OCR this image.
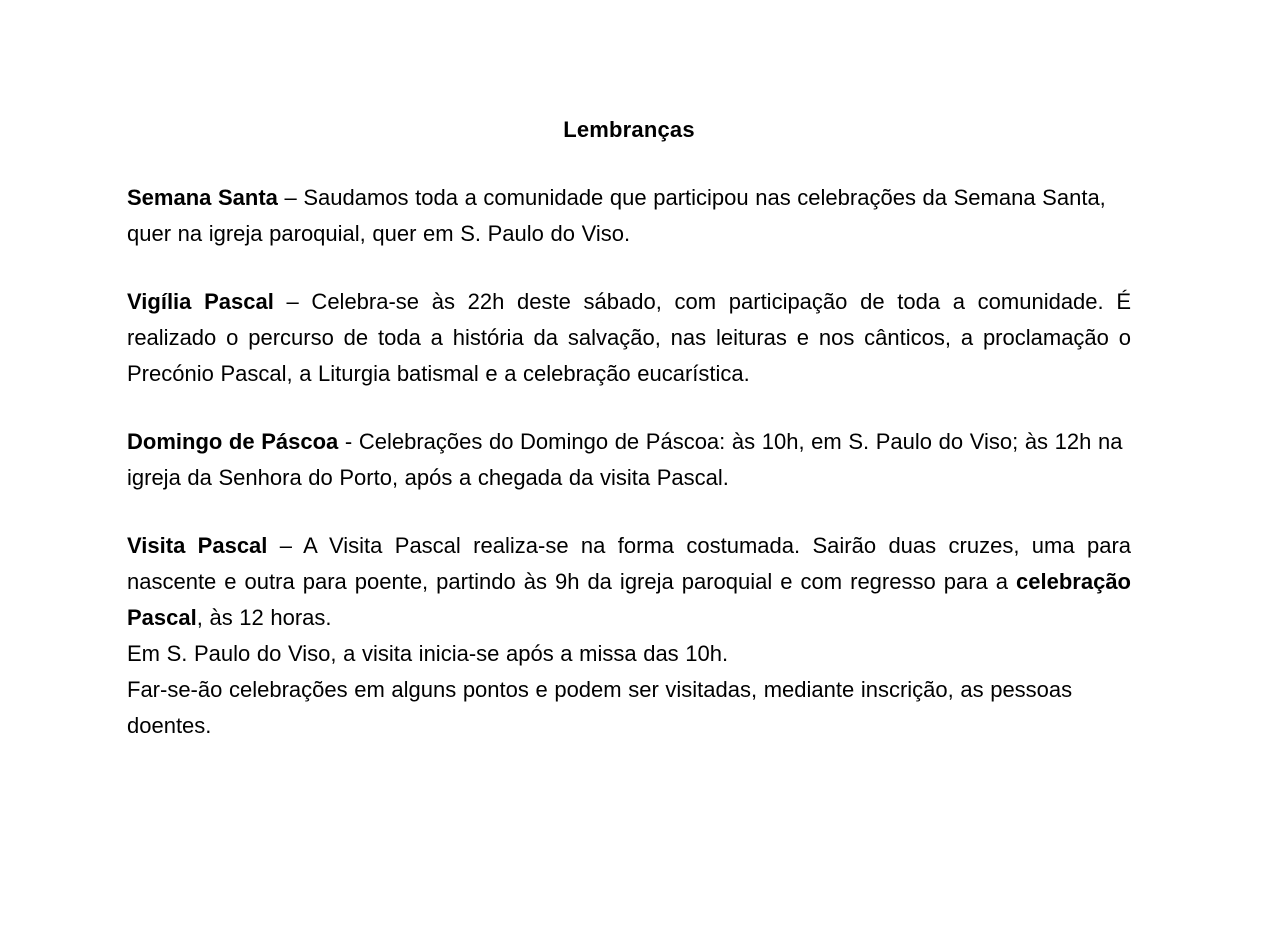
Lembranças

Semana Santa – Saudamos toda a comunidade que participou nas celebrações da Semana Santa, quer na igreja paroquial, quer em S. Paulo do Viso.

Vigília Pascal – Celebra-se às 22h deste sábado, com participação de toda a comunidade. É realizado o percurso de toda a história da salvação, nas leituras e nos cânticos, a proclamação o Precónio Pascal, a Liturgia batismal e a celebração eucarística.

Domingo de Páscoa - Celebrações do Domingo de Páscoa: às 10h, em S. Paulo do Viso; às 12h na igreja da Senhora do Porto, após a chegada da visita Pascal.

Visita Pascal – A Visita Pascal realiza-se na forma costumada. Sairão duas cruzes, uma para nascente e outra para poente, partindo às 9h da igreja paroquial e com regresso para a celebração Pascal, às 12 horas.

Em S. Paulo do Viso, a visita inicia-se após a missa das 10h.

Far-se-ão celebrações em alguns pontos e podem ser visitadas, mediante inscrição, as pessoas doentes.
